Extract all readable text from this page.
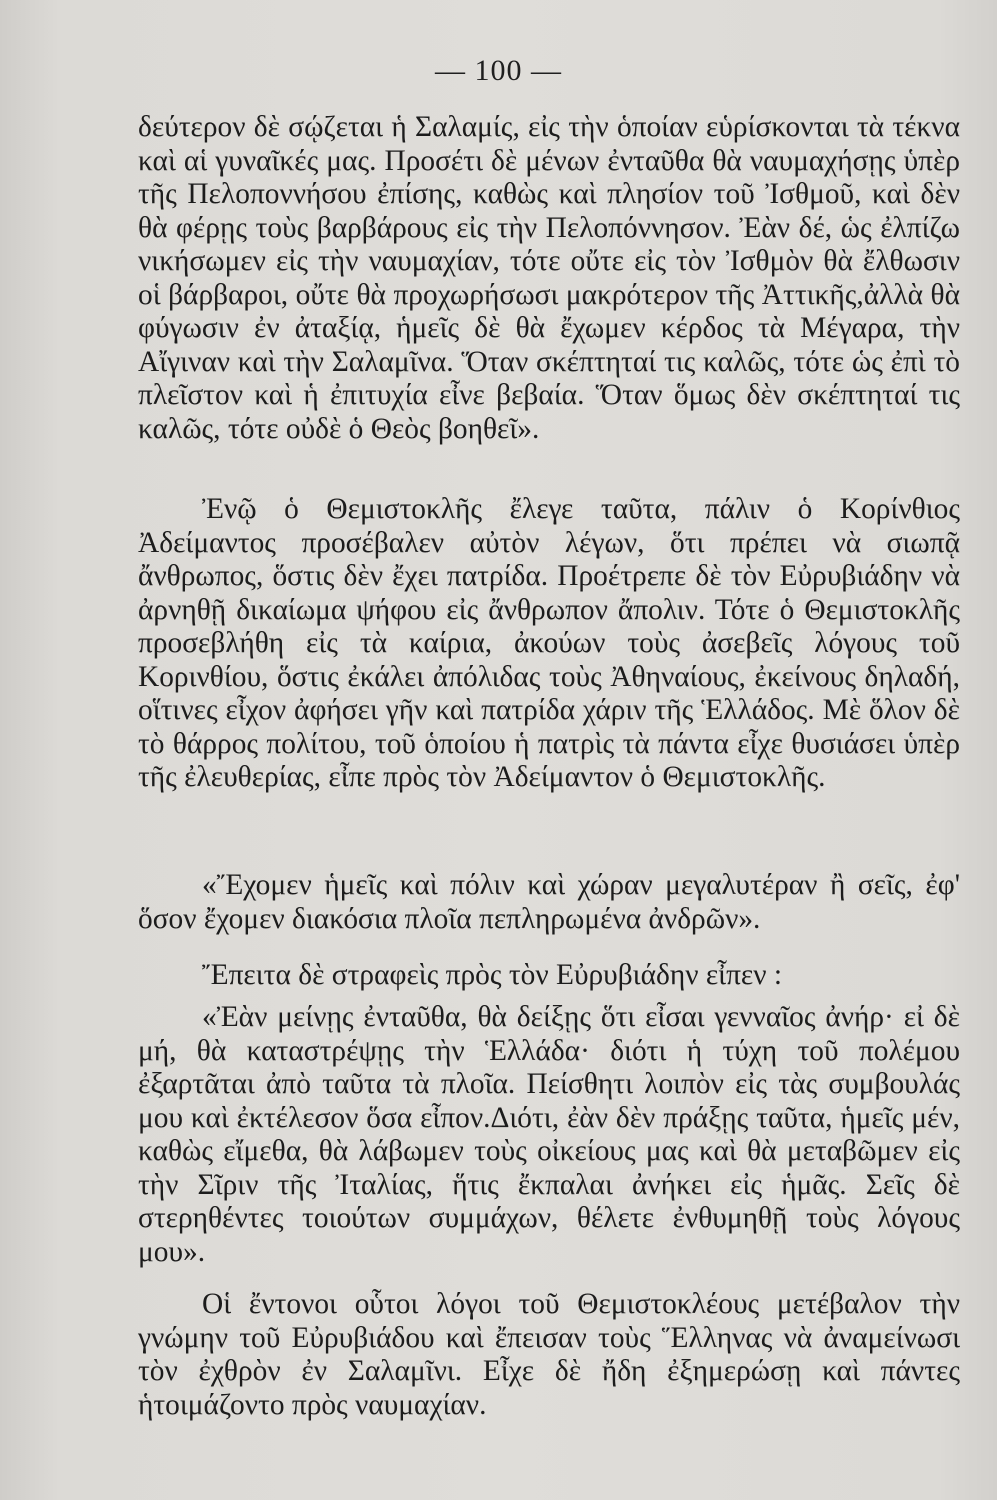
— 100 —

δεύτερον δὲ σῴζεται ἡ Σαλαμίς, εἰς τὴν ὁποίαν εὑρίσκονται τὰ τέκνα καὶ αἱ γυναῖκές μας. Προσέτι δὲ μένων ἐνταῦθα θὰ ναυμαχήσῃς ὑπὲρ τῆς Πελοποννήσου ἐπίσης, καθὼς καὶ πλησίον τοῦ Ἰσθμοῦ, καὶ δὲν θὰ φέρῃς τοὺς βαρβάρους εἰς τὴν Πελοπόννησον. Ἐὰν δέ, ὡς ἐλπίζω νικήσωμεν εἰς τὴν ναυμαχίαν, τότε οὔτε εἰς τὸν Ἰσθμὸν θὰ ἔλθωσιν οἱ βάρβαροι, οὔτε θὰ προχωρήσωσι μακρότερον τῆς Ἀττικῆς,ἀλλὰ θὰ φύγωσιν ἐν ἀταξίᾳ, ἡμεῖς δὲ θὰ ἔχωμεν κέρδος τὰ Μέγαρα, τὴν Αἴγιναν καὶ τὴν Σαλαμῖνα. Ὅταν σκέπτηταί τις καλῶς, τότε ὡς ἐπὶ τὸ πλεῖστον καὶ ἡ ἐπιτυχία εἶνε βεβαία. Ὅταν ὅμως δὲν σκέπτηταί τις καλῶς, τότε οὐδὲ ὁ Θεὸς βοηθεῖ».

Ἐνῷ ὁ Θεμιστοκλῆς ἔλεγε ταῦτα, πάλιν ὁ Κορίνθιος Ἀδείμαντος προσέβαλεν αὐτὸν λέγων, ὅτι πρέπει νὰ σιωπᾷ ἄνθρωπος, ὅστις δὲν ἔχει πατρίδα. Προέτρεπε δὲ τὸν Εὐρυβιάδην νὰ ἀρνηθῇ δικαίωμα ψήφου εἰς ἄνθρωπον ἄπολιν. Τότε ὁ Θεμιστοκλῆς προσεβλήθη εἰς τὰ καίρια, ἀκούων τοὺς ἀσεβεῖς λόγους τοῦ Κορινθίου, ὅστις ἐκάλει ἀπόλιδας τοὺς Ἀθηναίους, ἐκείνους δηλαδή, οἵτινες εἶχον ἀφήσει γῆν καὶ πατρίδα χάριν τῆς Ἑλλάδος. Μὲ ὅλον δὲ τὸ θάρρος πολίτου, τοῦ ὁποίου ἡ πατρὶς τὰ πάντα εἶχε θυσιάσει ὑπὲρ τῆς ἐλευθερίας, εἶπε πρὸς τὸν Ἀδείμαντον ὁ Θεμιστοκλῆς.

«Ἔχομεν ἡμεῖς καὶ πόλιν καὶ χώραν μεγαλυτέραν ἢ σεῖς, ἐφ' ὅσον ἔχομεν διακόσια πλοῖα πεπληρωμένα ἀνδρῶν».

Ἔπειτα δὲ στραφεὶς πρὸς τὸν Εὐρυβιάδην εἶπεν :

«Ἐὰν μείνῃς ἐνταῦθα, θὰ δείξῃς ὅτι εἶσαι γενναῖος ἀνήρ· εἰ δὲ μή, θὰ καταστρέψῃς τὴν Ἑλλάδα· διότι ἡ τύχη τοῦ πολέμου ἐξαρτᾶται ἀπὸ ταῦτα τὰ πλοῖα. Πείσθητι λοιπὸν εἰς τὰς συμβουλάς μου καὶ ἐκτέλεσον ὅσα εἶπον.Διότι, ἐὰν δὲν πράξῃς ταῦτα, ἡμεῖς μέν, καθὼς εἴμεθα, θὰ λάβωμεν τοὺς οἰκείους μας καὶ θὰ μεταβῶμεν εἰς τὴν Σῖριν τῆς Ἰταλίας, ἥτις ἔκπαλαι ἀνήκει εἰς ἡμᾶς. Σεῖς δὲ στερηθέντες τοιούτων συμμάχων, θέλετε ἐνθυμηθῇ τοὺς λόγους μου».

Οἱ ἔντονοι οὗτοι λόγοι τοῦ Θεμιστοκλέους μετέβαλον τὴν γνώμην τοῦ Εὐρυβιάδου καὶ ἔπεισαν τοὺς Ἕλληνας νὰ ἀναμείνωσι τὸν ἐχθρὸν ἐν Σαλαμῖνι. Εἶχε δὲ ἤδη ἐξημερώσῃ καὶ πάντες ἡτοιμάζοντο πρὸς ναυμαχίαν.
